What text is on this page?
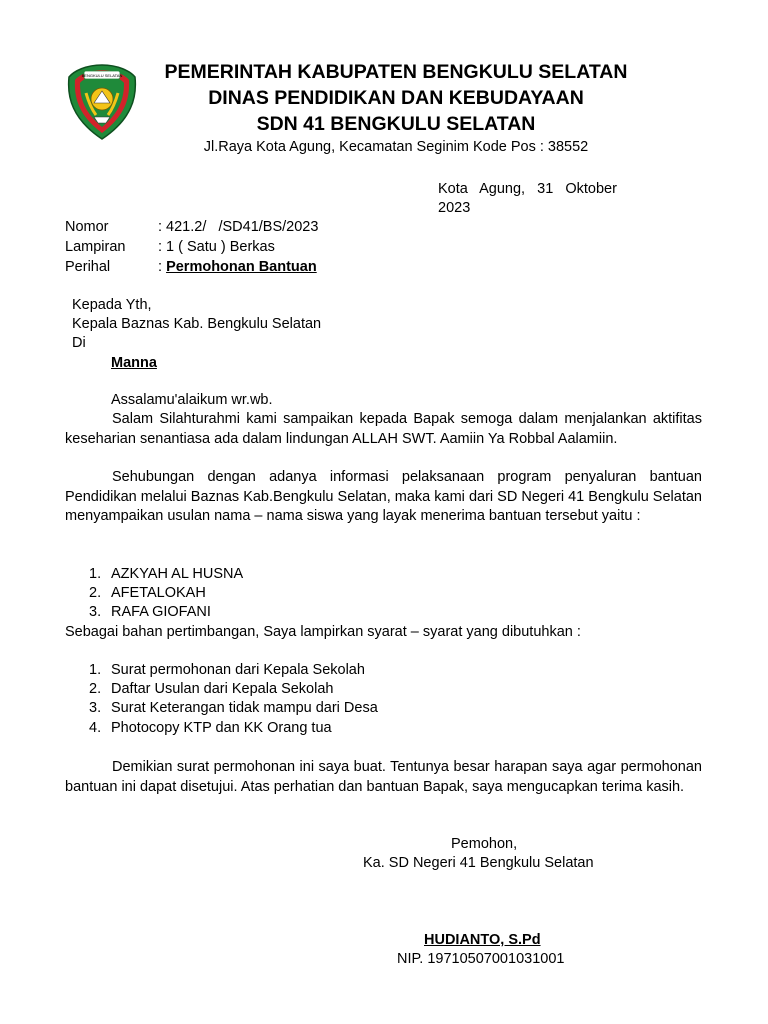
BENGKULU SELATAN	PEMERINTAH KABUPATEN BENGKULU SELATAN
DINAS PENDIDIKAN DAN KEBUDAYAAN
SDN 41 BENGKULU SELATAN
Jl.Raya Kota Agung, Kecamatan Seginim Kode Pos : 38552
Kota   Agung,   31   Oktober
2023
Nomor	: 421.2/   /SD41/BS/2023
Lampiran : 1 ( Satu ) Berkas
Perihal	: Permohonan Bantuan
Kepada Yth,
Kepala Baznas Kab. Bengkulu Selatan
Di
Manna
Assalamu'alaikum wr.wb.
Salam Silahturahmi kami sampaikan kepada Bapak semoga dalam menjalankan aktifitas keseharian senantiasa ada dalam lindungan ALLAH SWT. Aamiin Ya Robbal Aalamiin.
Sehubungan dengan adanya informasi pelaksanaan program penyaluran bantuan Pendidikan melalui Baznas Kab.Bengkulu Selatan, maka kami dari SD Negeri 41 Bengkulu Selatan menyampaikan usulan nama – nama siswa yang layak menerima bantuan tersebut yaitu :
1. AZKYAH AL HUSNA
2. AFETALOKAH
3. RAFA GIOFANI
Sebagai bahan pertimbangan, Saya lampirkan syarat – syarat yang dibutuhkan :
1. Surat permohonan dari Kepala Sekolah
2. Daftar Usulan dari Kepala Sekolah
3. Surat Keterangan tidak mampu dari Desa
4. Photocopy KTP dan KK Orang tua
Demikian surat permohonan ini saya buat. Tentunya besar harapan saya agar permohonan bantuan ini dapat disetujui. Atas perhatian dan bantuan Bapak, saya mengucapkan terima kasih.
Pemohon,
Ka. SD Negeri 41 Bengkulu Selatan
HUDIANTO, S.Pd
NIP. 19710507001031001
